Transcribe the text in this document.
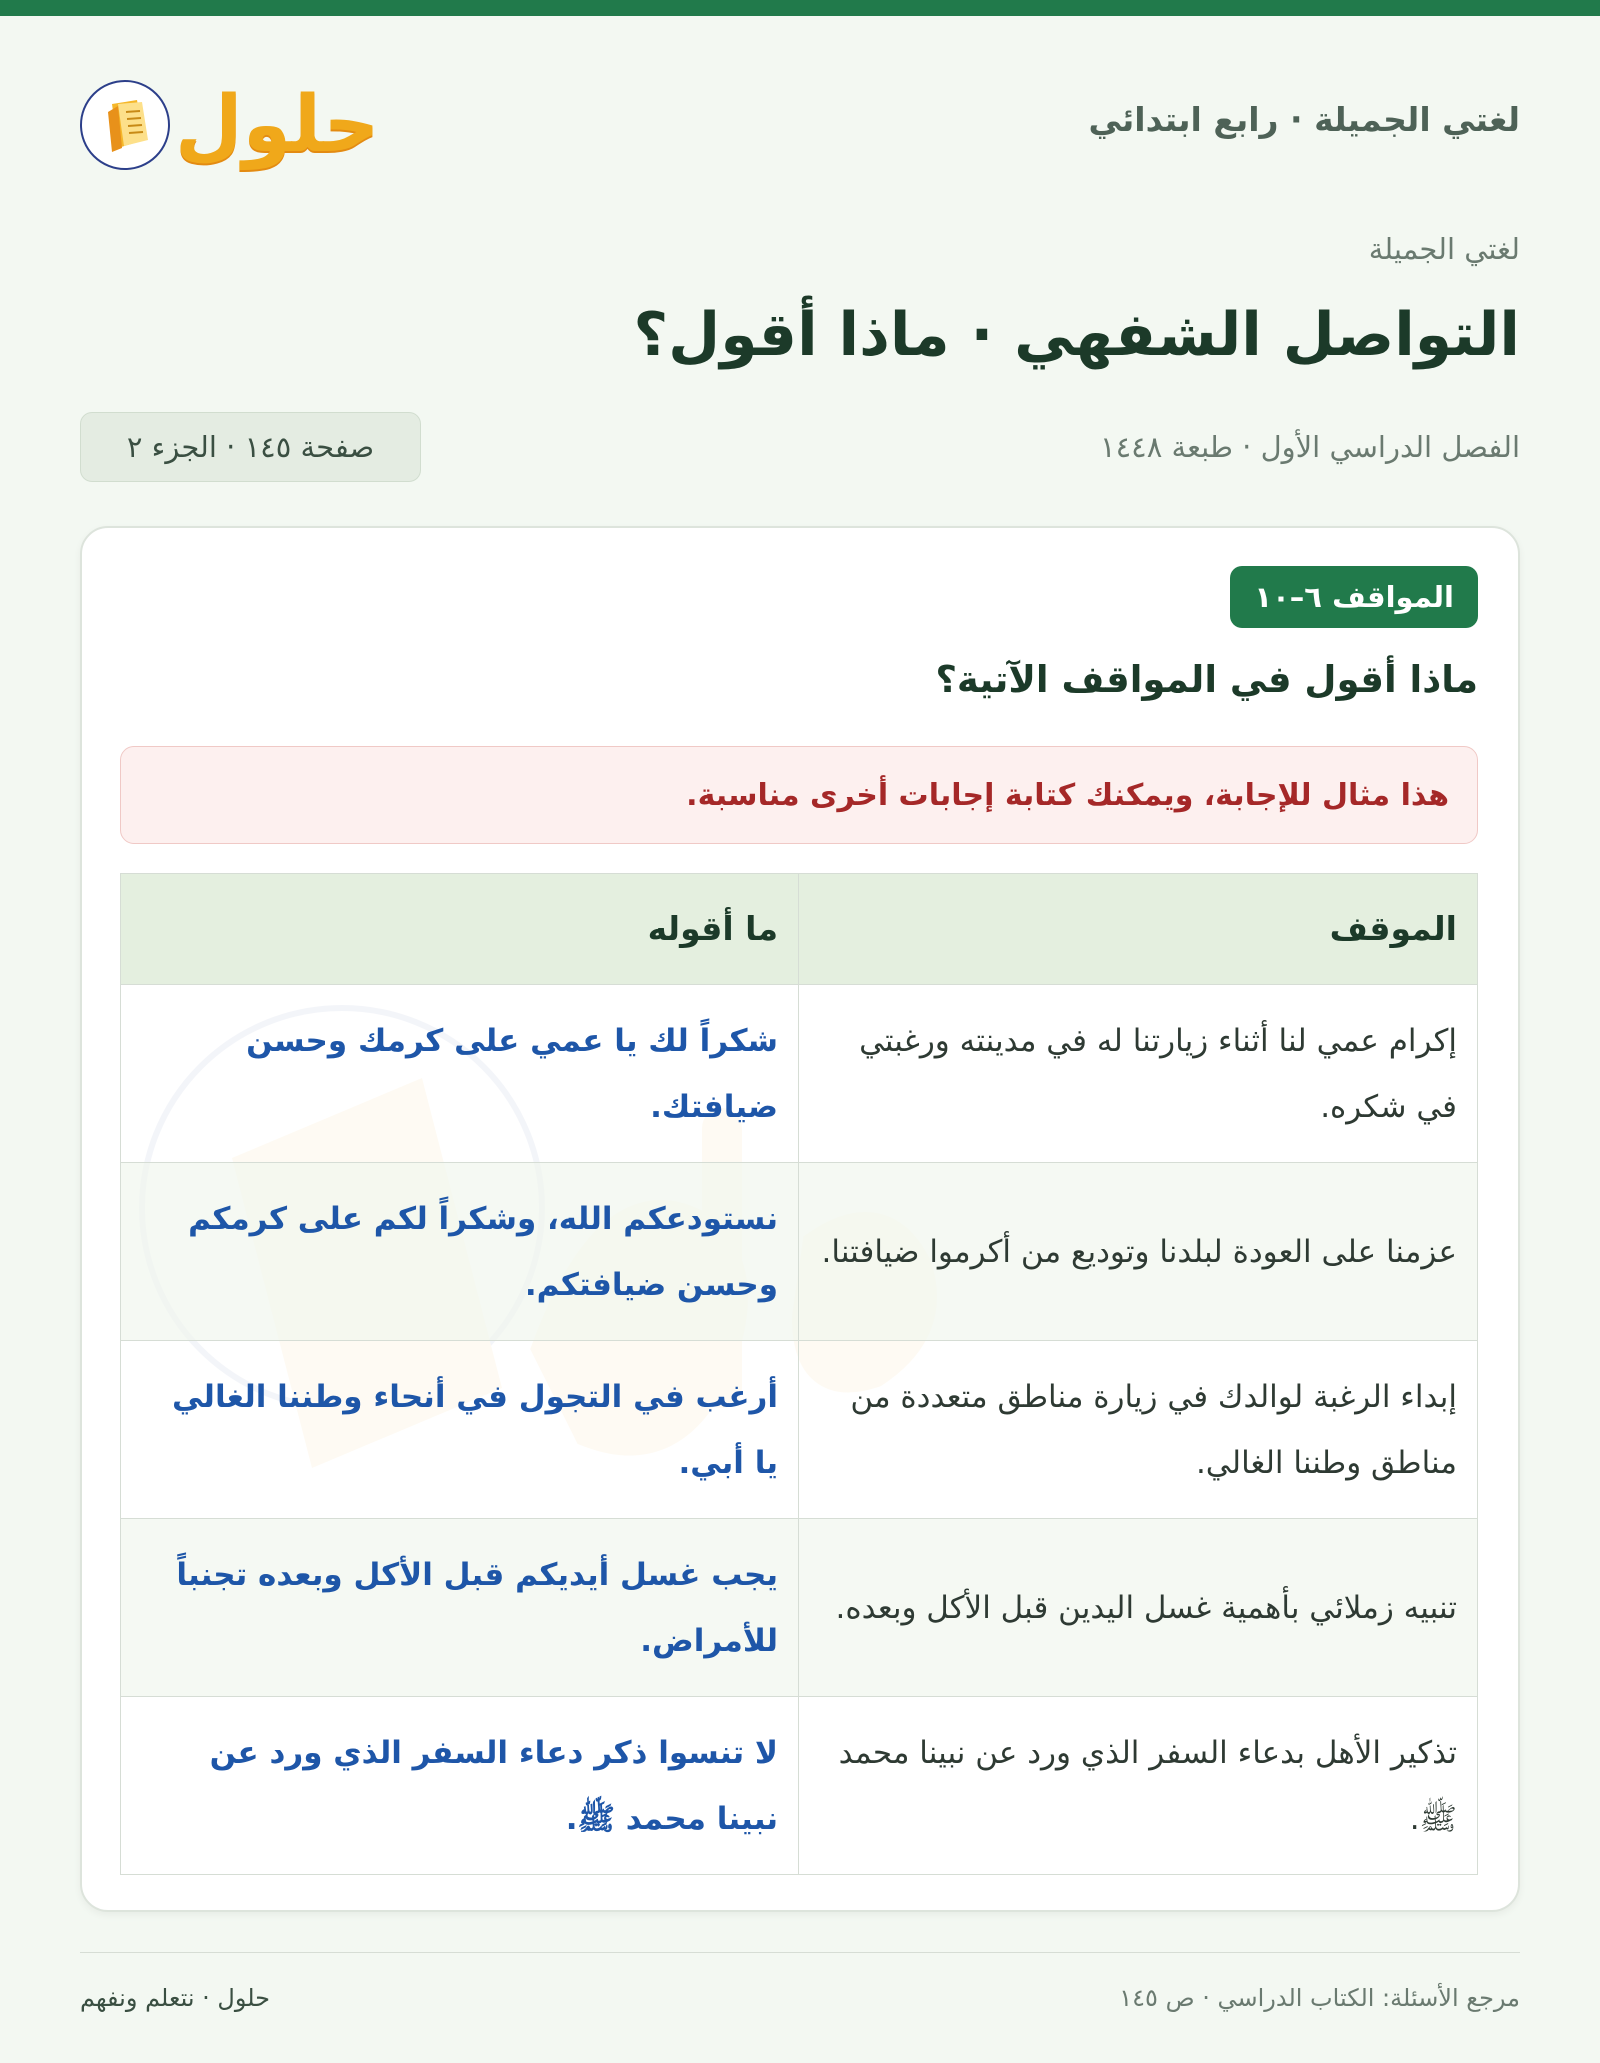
لغتي الجميلة · رابع ابتدائي
حلول
لغتي الجميلة
التواصل الشفهي · ماذا أقول؟
الفصل الدراسي الأول · طبعة ١٤٤٨
صفحة ١٤٥ · الجزء ٢
المواقف ٦–١٠
ماذا أقول في المواقف الآتية؟
هذا مثال للإجابة، ويمكنك كتابة إجابات أخرى مناسبة.
الموقف	ما أقوله
إكرام عمي لنا أثناء زيارتنا له في مدينته ورغبتي في شكره.	شكراً لك يا عمي على كرمك وحسن ضيافتك.
عزمنا على العودة لبلدنا وتوديع من أكرموا ضيافتنا.	نستودعكم الله، وشكراً لكم على كرمكم وحسن ضيافتكم.
إبداء الرغبة لوالدك في زيارة مناطق متعددة من مناطق وطننا الغالي.	أرغب في التجول في أنحاء وطننا الغالي يا أبي.
تنبيه زملائي بأهمية غسل اليدين قبل الأكل وبعده.	يجب غسل أيديكم قبل الأكل وبعده تجنباً للأمراض.
تذكير الأهل بدعاء السفر الذي ورد عن نبينا محمد ﷺ.	لا تنسوا ذكر دعاء السفر الذي ورد عن نبينا محمد ﷺ.
مرجع الأسئلة: الكتاب الدراسي · ص ١٤٥
حلول · نتعلم ونفهم
